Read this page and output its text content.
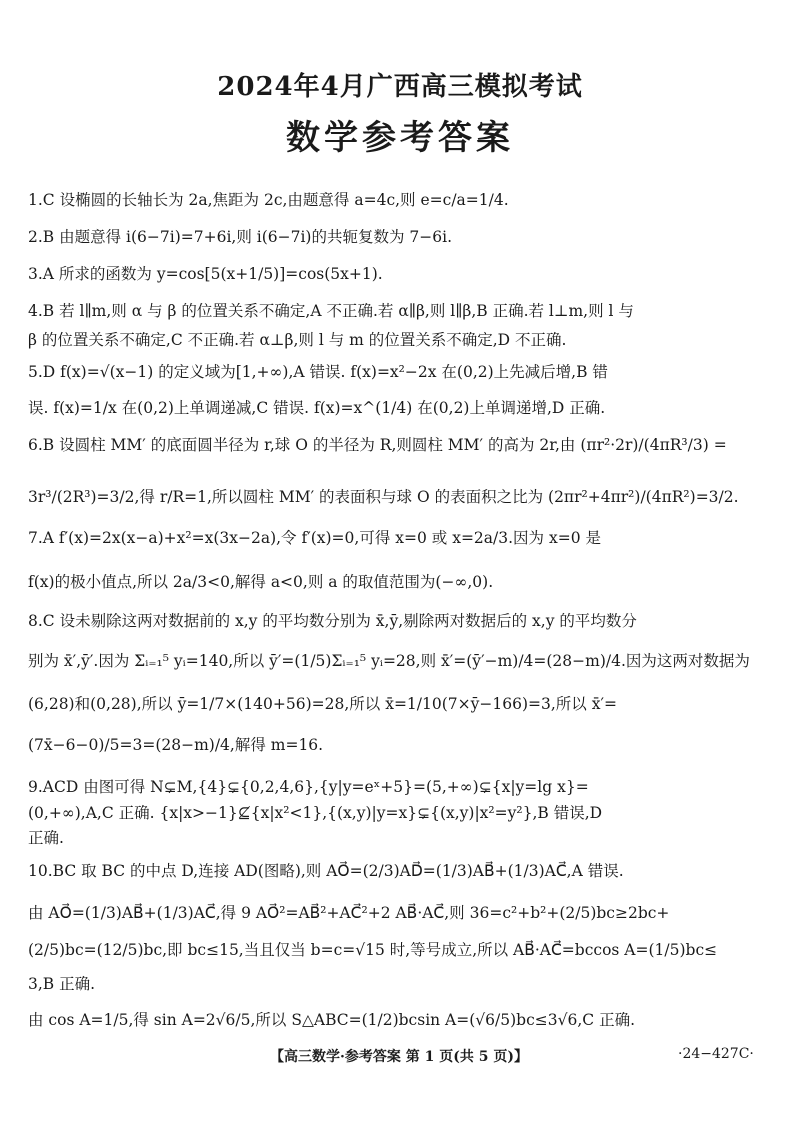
2024年4月广西高三模拟考试
数学参考答案
1.C 设椭圆的长轴长为 2a,焦距为 2c,由题意得 a=4c,则 e=c/a=1/4.
2.B 由题意得 i(6−7i)=7+6i,则 i(6−7i)的共轭复数为 7−6i.
3.A 所求的函数为 y=cos[5(x+1/5)]=cos(5x+1).
4.B 若 l∥m,则 α 与 β 的位置关系不确定,A 不正确.若 α∥β,则 l∥β,B 正确.若 l⊥m,则 l 与
β 的位置关系不确定,C 不正确.若 α⊥β,则 l 与 m 的位置关系不确定,D 不正确.
5.D f(x)=√(x−1) 的定义域为[1,+∞),A 错误. f(x)=x²−2x 在(0,2)上先减后增,B 错
误. f(x)=1/x 在(0,2)上单调递减,C 错误. f(x)=x^(1/4) 在(0,2)上单调递增,D 正确.
6.B 设圆柱 MM′ 的底面圆半径为 r,球 O 的半径为 R,则圆柱 MM′ 的高为 2r,由 (πr²·2r)/(4πR³/3) =
3r³/(2R³)=3/2,得 r/R=1,所以圆柱 MM′ 的表面积与球 O 的表面积之比为 (2πr²+4πr²)/(4πR²)=3/2.
7.A f′(x)=2x(x−a)+x²=x(3x−2a),令 f′(x)=0,可得 x=0 或 x=2a/3.因为 x=0 是
f(x)的极小值点,所以 2a/3<0,解得 a<0,则 a 的取值范围为(−∞,0).
8.C 设未剔除这两对数据前的 x,y 的平均数分别为 x̄,ȳ,剔除两对数据后的 x,y 的平均数分
别为 x̄′,ȳ′.因为 Σᵢ₌₁⁵ yᵢ=140,所以 ȳ′=(1/5)Σᵢ₌₁⁵ yᵢ=28,则 x̄′=(ȳ′−m)/4=(28−m)/4.因为这两对数据为
(6,28)和(0,28),所以 ȳ=1/7×(140+56)=28,所以 x̄=1/10(7×ȳ−166)=3,所以 x̄′=
(7x̄−6−0)/5=3=(28−m)/4,解得 m=16.
9.ACD 由图可得 N⊊M,{4}⊊{0,2,4,6},{y|y=eˣ+5}=(5,+∞)⊊{x|y=lg x}=
(0,+∞),A,C 正确. {x|x>−1}⊈{x|x²<1},{(x,y)|y=x}⊊{(x,y)|x²=y²},B 错误,D
正确.
10.BC 取 BC 的中点 D,连接 AD(图略),则 AO⃗=(2/3)AD⃗=(1/3)AB⃗+(1/3)AC⃗,A 错误.
由 AO⃗=(1/3)AB⃗+(1/3)AC⃗,得 9 AO⃗²=AB⃗²+AC⃗²+2 AB⃗·AC⃗,则 36=c²+b²+(2/5)bc≥2bc+
(2/5)bc=(12/5)bc,即 bc≤15,当且仅当 b=c=√15 时,等号成立,所以 AB⃗·AC⃗=bccos A=(1/5)bc≤
3,B 正确.
由 cos A=1/5,得 sin A=2√6/5,所以 S△ABC=(1/2)bcsin A=(√6/5)bc≤3√6,C 正确.
【高三数学·参考答案 第 1 页(共 5 页)】	·24−427C·
